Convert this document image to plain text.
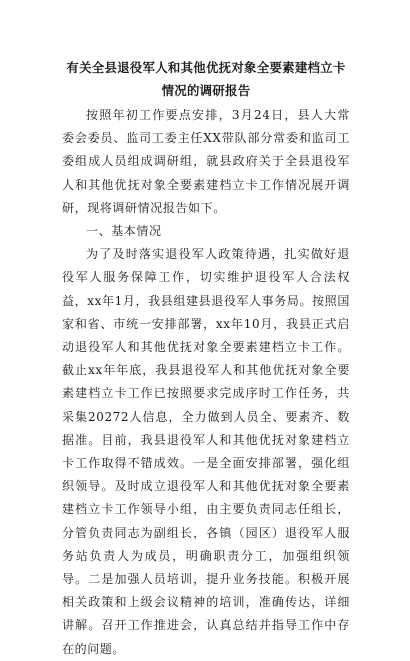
有关全县退役军人和其他优抚对象全要素建档立卡情况的调研报告

按照年初工作要点安排，3月24日，县人大常委会委员、监司工委主任XX带队部分常委和监司工委组成人员组成调研组，就县政府关于全县退役军人和其他优抚对象全要素建档立卡工作情况展开调研，现将调研情况报告如下。

一、基本情况

为了及时落实退役军人政策待遇，扎实做好退役军人服务保障工作，切实维护退役军人合法权益，xx年1月，我县组建县退役军人事务局。按照国家和省、市统一安排部署，xx年10月，我县正式启动退役军人和其他优抚对象全要素建档立卡工作。截止xx年年底，我县退役军人和其他优抚对象全要素建档立卡工作已按照要求完成序时工作任务，共采集20272人信息，全力做到人员全、要素齐、数据准。目前，我县退役军人和其他优抚对象建档立卡工作取得不错成效。一是全面安排部署，强化组织领导。及时成立退役军人和其他优抚对象全要素建档立卡工作领导小组，由主要负责同志任组长，分管负责同志为副组长，各镇（园区）退役军人服务站负责人为成员，明确职责分工，加强组织领导。二是加强人员培训，提升业务技能。积极开展相关政策和上级会议精神的培训，准确传达，详细讲解。召开工作推进会，认真总结并指导工作中存在的问题。
